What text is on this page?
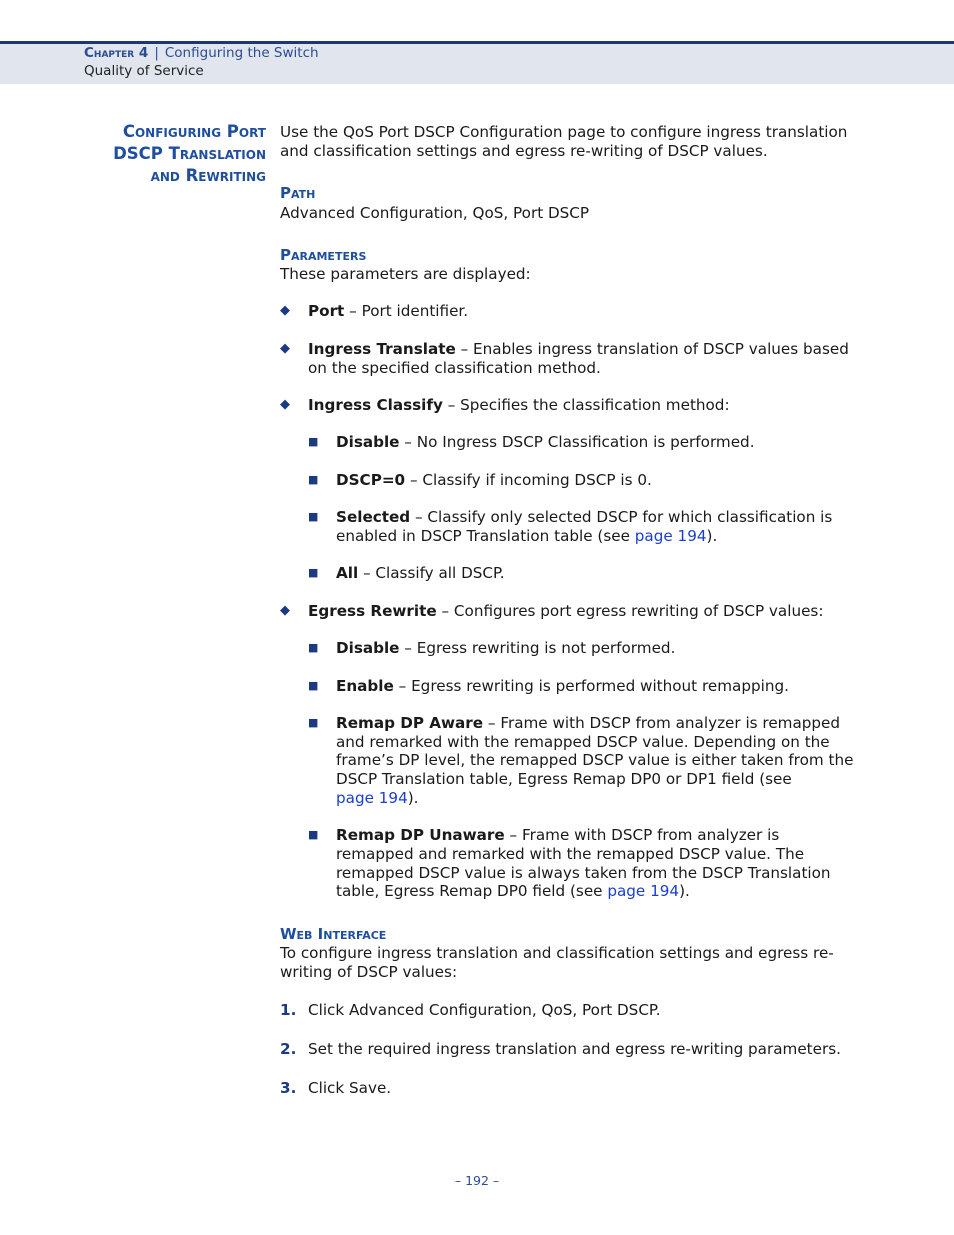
Chapter 4 | Configuring the Switch
Quality of Service
Configuring Port
DSCP Translation
and Rewriting
Use the QoS Port DSCP Configuration page to configure ingress translation
and classification settings and egress re-writing of DSCP values.
Path
Advanced Configuration, QoS, Port DSCP
Parameters
These parameters are displayed:
◆ Port – Port identifier.
◆ Ingress Translate – Enables ingress translation of DSCP values based
on the specified classification method.
◆ Ingress Classify – Specifies the classification method:
■ Disable – No Ingress DSCP Classification is performed.
■ DSCP=0 – Classify if incoming DSCP is 0.
■ Selected – Classify only selected DSCP for which classification is
enabled in DSCP Translation table (see page 194).
■ All – Classify all DSCP.
◆ Egress Rewrite – Configures port egress rewriting of DSCP values:
■ Disable – Egress rewriting is not performed.
■ Enable – Egress rewriting is performed without remapping.
■ Remap DP Aware – Frame with DSCP from analyzer is remapped
and remarked with the remapped DSCP value. Depending on the
frame’s DP level, the remapped DSCP value is either taken from the
DSCP Translation table, Egress Remap DP0 or DP1 field (see
page 194).
■ Remap DP Unaware – Frame with DSCP from analyzer is
remapped and remarked with the remapped DSCP value. The
remapped DSCP value is always taken from the DSCP Translation
table, Egress Remap DP0 field (see page 194).
Web Interface
To configure ingress translation and classification settings and egress re-
writing of DSCP values:
1. Click Advanced Configuration, QoS, Port DSCP.
2. Set the required ingress translation and egress re-writing parameters.
3. Click Save.
– 192 –
